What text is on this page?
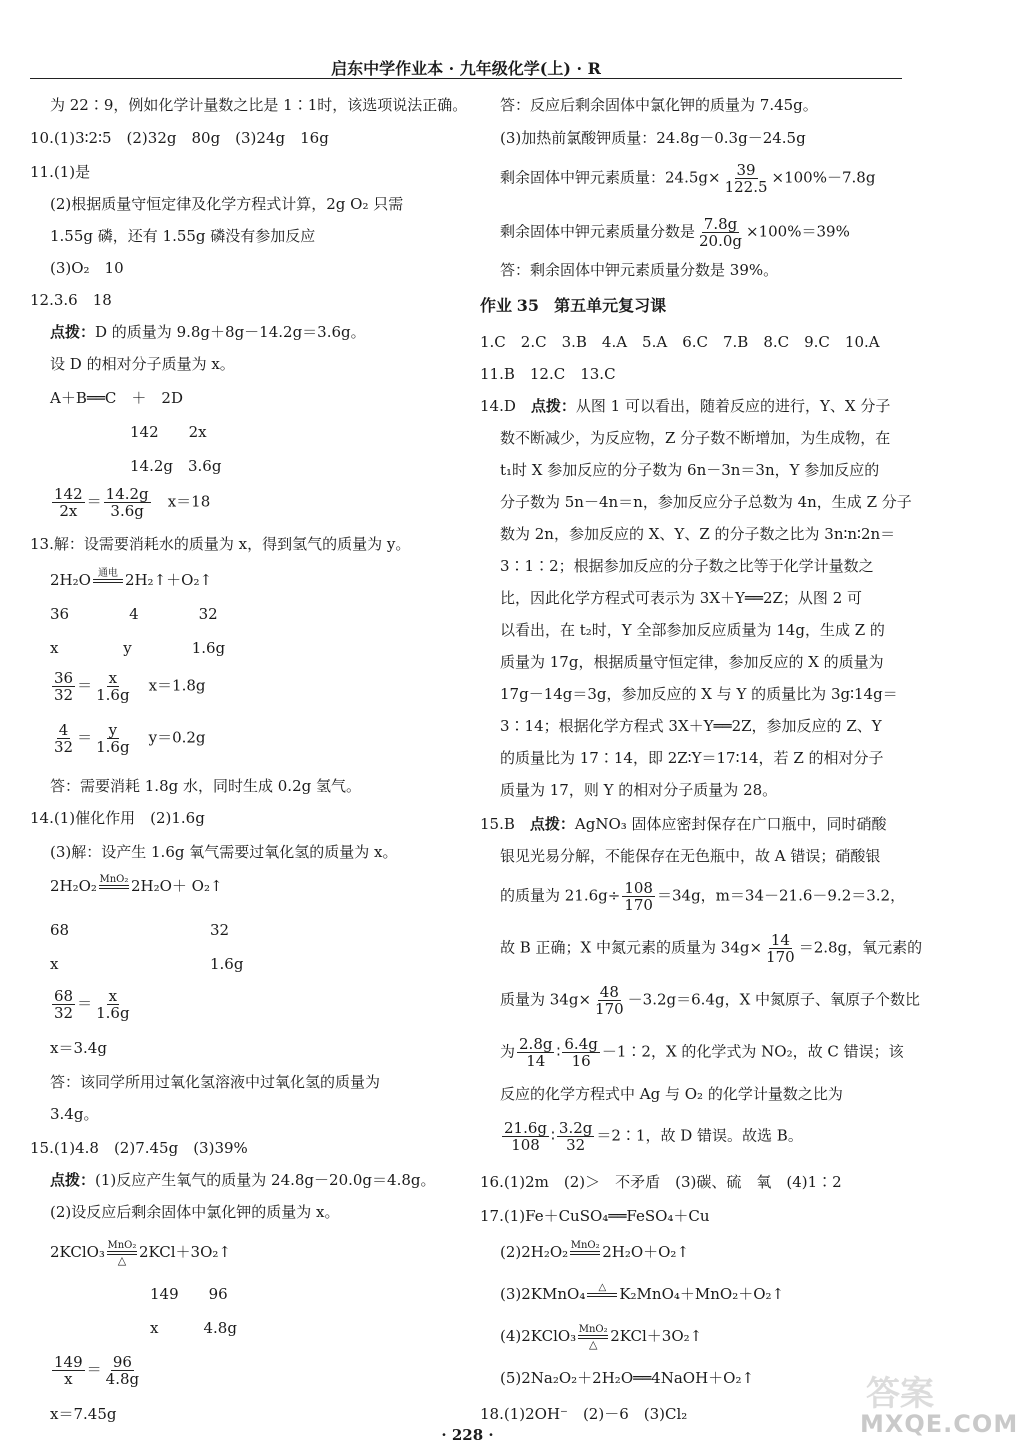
启东中学作业本 · 九年级化学(上) · R
为 22∶9，例如化学计量数之比是 1∶1时，该选项说法正确。
10.(1)3∶2∶5　(2)32g　80g　(3)24g　16g
11.(1)是
(2)根据质量守恒定律及化学方程式计算，2g O₂ 只需
1.55g 磷，还有 1.55g 磷没有参加反应
(3)O₂　10
12.3.6　18
点拨：D 的质量为 9.8g＋8g－14.2g＝3.6g。
设 D 的相对分子质量为 x。
A＋B══C　＋　2D
142　　2x
14.2g　3.6g
$\frac{142}{2x} = \frac{14.2g}{3.6g}$
　 x＝18
13.解：设需要消耗水的质量为 x，得到氢气的质量为 y。
2H₂O 通电
2H₂↑＋O₂↑
36　　　　4　　　　32
x　　　　 y　　　　1.6g
$\frac{36}{32} = \frac{x}{1.6g}$
　 x＝1.8g
$\frac{4}{32} = \frac{y}{1.6g}$
　 y＝0.2g
答：需要消耗 1.8g 水，同时生成 0.2g 氢气。
14.(1)催化作用　(2)1.6g
(3)解：设产生 1.6g 氧气需要过氧化氢的质量为 x。
2H₂O₂ MnO₂
2H₂O＋ O₂↑
68	32
x	1.6g
$\frac{68}{32} = \frac{x}{1.6g}$
x＝3.4g
答：该同学所用过氧化氢溶液中过氧化氢的质量为
3.4g。
15.(1)4.8　(2)7.45g　(3)39%
点拨：(1)反应产生氧气的质量为 24.8g－20.0g＝4.8g。
(2)设反应后剩余固体中氯化钾的质量为 x。
2KClO₃ MnO₂
△ 2KCl＋3O₂↑
149　　96
x　　　4.8g
$\frac{149}{x} = \frac{96}{4.8g}$
x＝7.45g
答：反应后剩余固体中氯化钾的质量为 7.45g。
(3)加热前氯酸钾质量：24.8g－0.3g－24.5g
剩余固体中钾元素质量：$24.5g\times \frac{39}{122.5} \times 100\%-7.8g$
剩余固体中钾元素质量分数是 $\frac{7.8g}{20.0g} \times 100\%=39\%$
答：剩余固体中钾元素质量分数是 39%。
作业 35　 第五单元复习课
1.C　2.C　3.B　4.A　5.A　6.C　7.B　8.C　9.C　10.A
11.B　12.C　13.C
14.D　点拨：从图 1 可以看出，随着反应的进行，Y、X 分子
数不断减少，为反应物，Z 分子数不断增加，为生成物，在
t₁时 X 参加反应的分子数为 6n－3n＝3n，Y 参加反应的
分子数为 5n－4n＝n，参加反应分子总数为 4n，生成 Z 分子
数为 2n，参加反应的 X、Y、Z 的分子数之比为 3n∶n∶2n＝
3∶1∶2；根据参加反应的分子数之比等于化学计量数之
比，因此化学方程式可表示为 3X＋Y══2Z；从图 2 可
以看出，在 t₂时，Y 全部参加反应质量为 14g，生成 Z 的
质量为 17g，根据质量守恒定律，参加反应的 X 的质量为
17g－14g＝3g，参加反应的 X 与 Y 的质量比为 3g∶14g＝
3∶14；根据化学方程式 3X＋Y══2Z，参加反应的 Z、Y
的质量比为 17∶14，即 2Z∶Y＝17∶14，若 Z 的相对分子
质量为 17，则 Y 的相对分子质量为 28。
15.B　点拨：AgNO₃ 固体应密封保存在广口瓶中，同时硝酸
银见光易分解，不能保存在无色瓶中，故 A 错误；硝酸银
的质量为 $21.6g\div \frac{108}{170} =34g$，m＝34－21.6－9.2＝3.2，
故 B 正确；X 中氮元素的质量为 $34g\times \frac{14}{170} =2.8g$，氧元素的
质量为 $34g\times \frac{48}{170} -3.2g=6.4g$，X 中氮原子、氧原子个数比
为 $\frac{2.8g}{14}$ ∶ $\frac{6.4g}{16}$ －1∶2，X 的化学式为 NO₂，故 C 错误；该
反应的化学方程式中 Ag 与 O₂ 的化学计量数之比为
$\frac{21.6g}{108}$ ∶ $\frac{3.2g}{32}$ ＝2∶1，故 D 错误。故选 B。
16.(1)2m　(2)＞　不矛盾　(3)碳、硫　氧　(4)1∶2
17.(1)Fe＋CuSO₄══FeSO₄＋Cu
(2)2H₂O₂ MnO₂
2H₂O＋O₂↑
(3)2KMnO₄ △
K₂MnO₄＋MnO₂＋O₂↑
(4)2KClO₃ MnO₂
△ 2KCl＋3O₂↑
(5)2Na₂O₂＋2H₂O══4NaOH＋O₂↑
18.(1)2OH⁻　(2)－6　(3)Cl₂
· 228 ·
答案
MXQE.COM
